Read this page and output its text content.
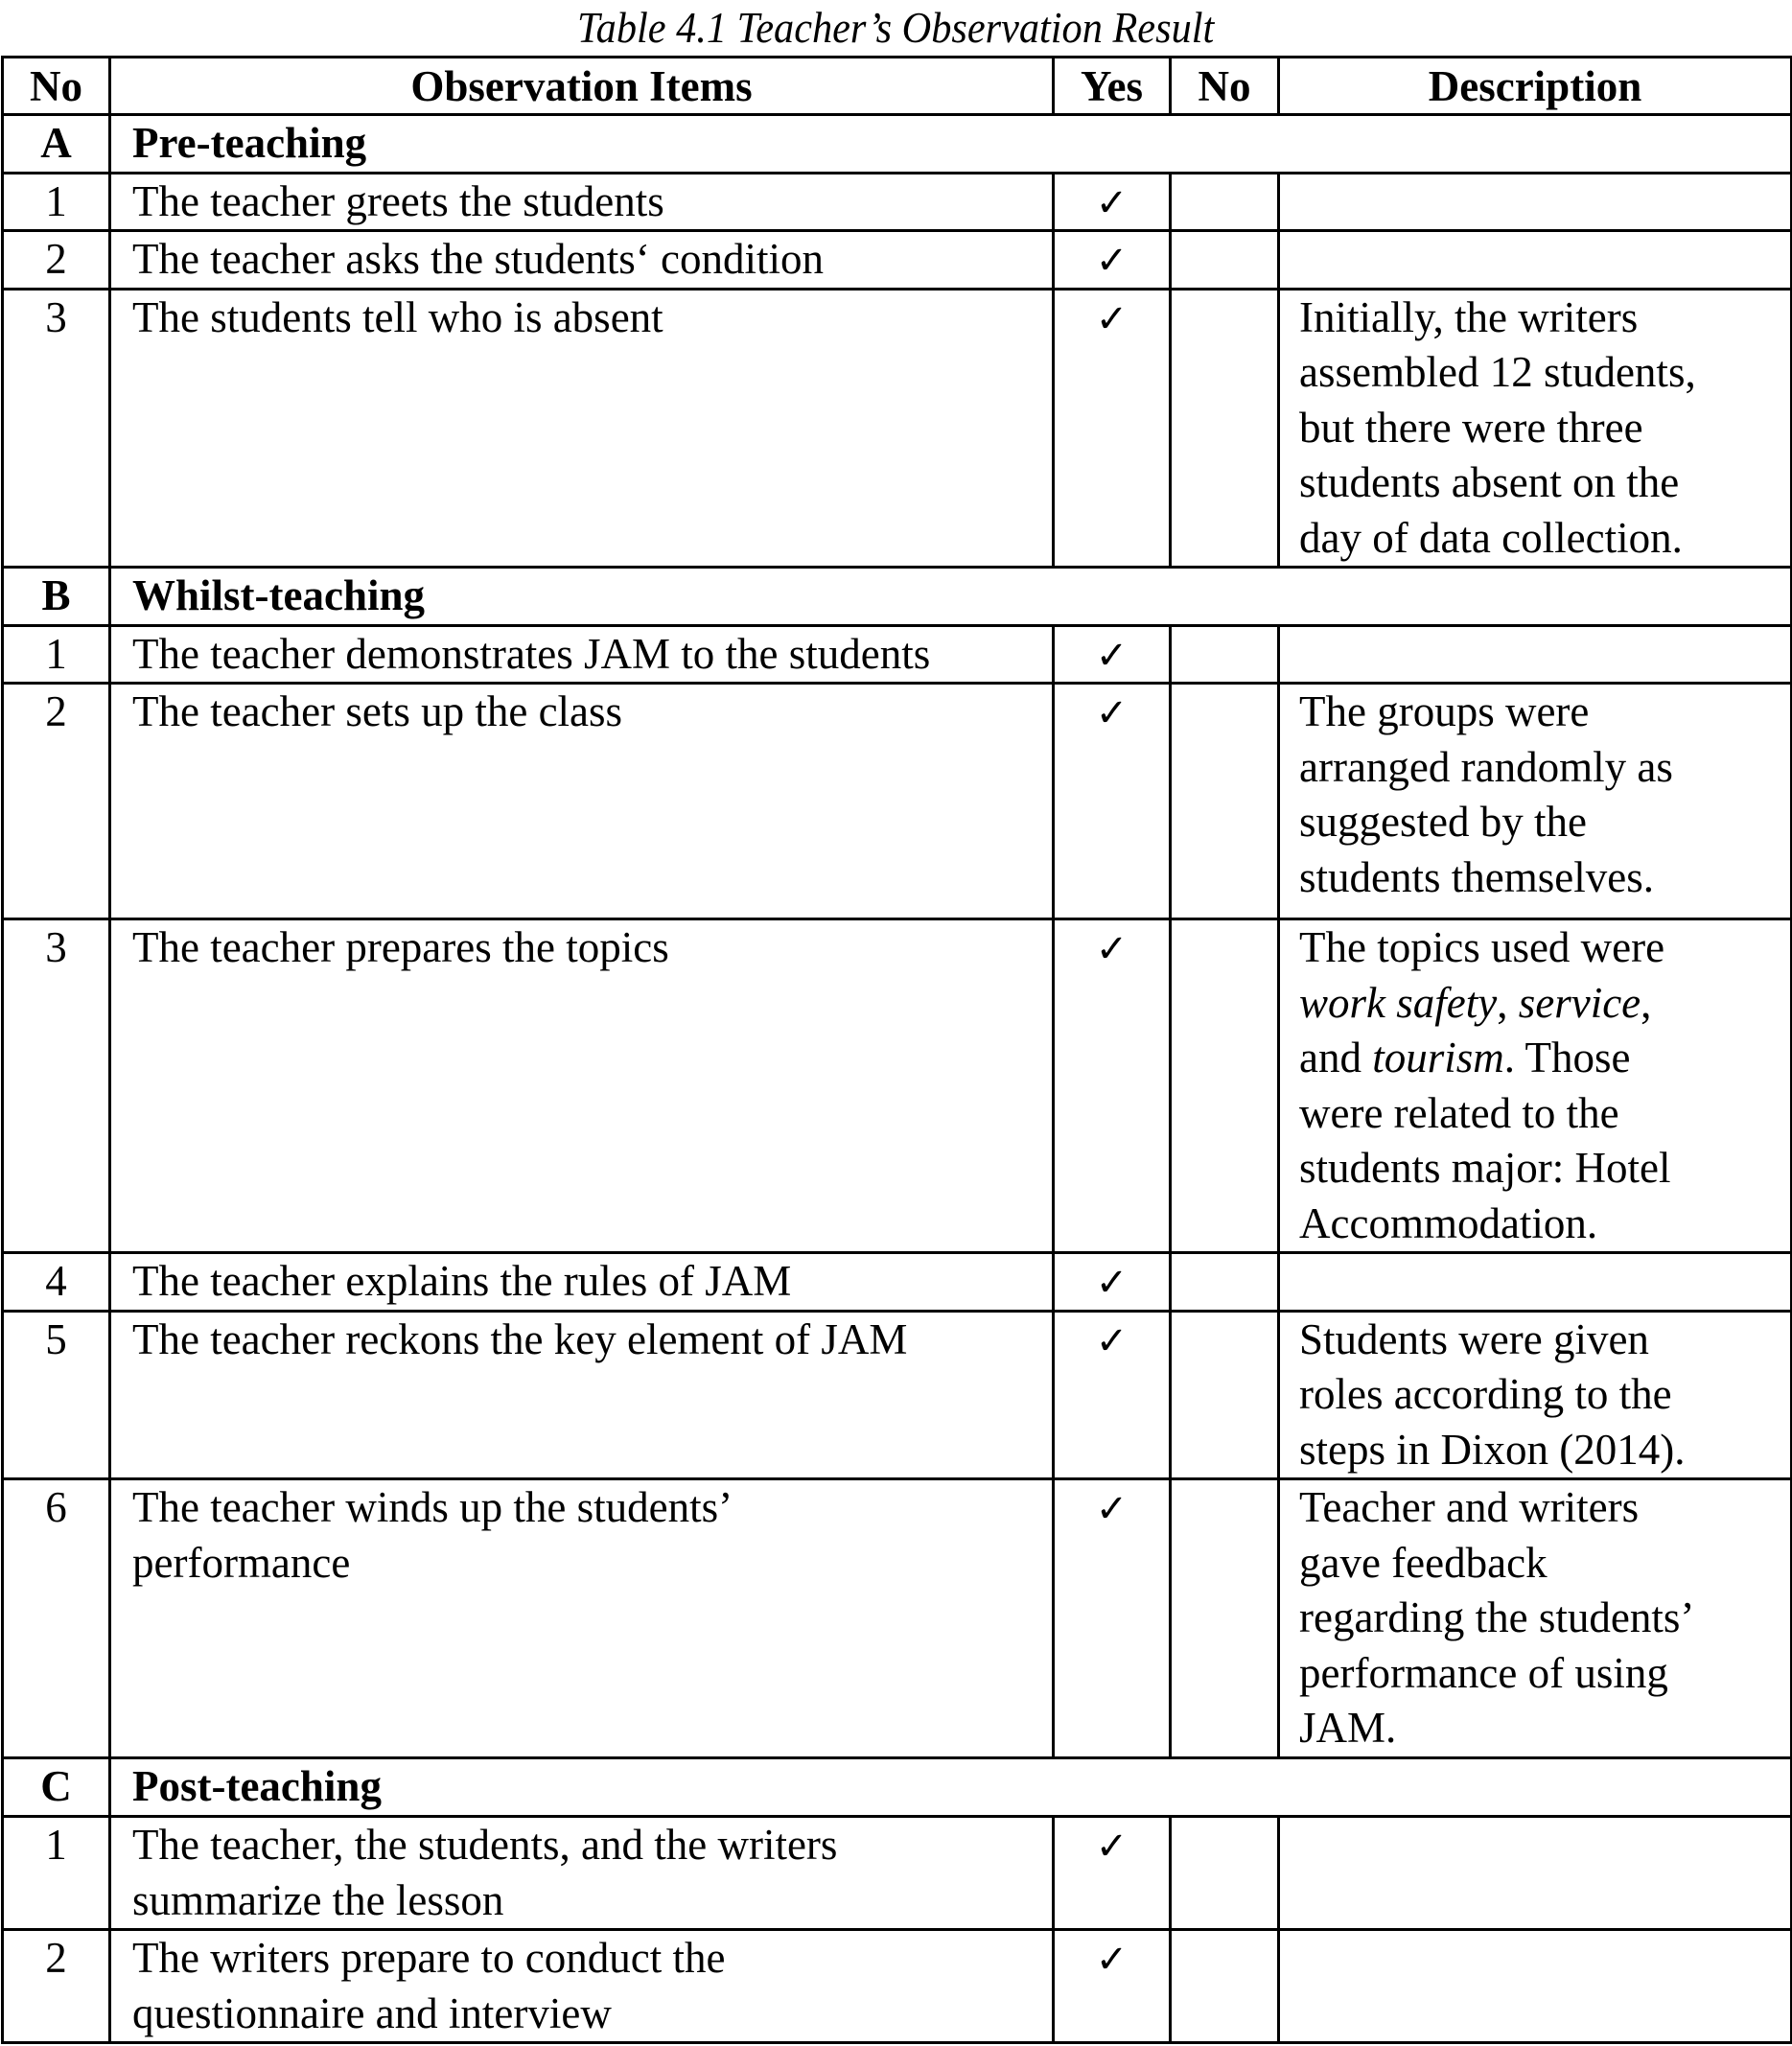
Table 4.1 Teacher’s Observation Result
No	Observation Items	Yes	No	Description
A	Pre-teaching			
1	The teacher greets the students	✓		
2	The teacher asks the students‘ condition	✓		
3	The students tell who is absent	✓		Initially, the writers
assembled 12 students,
but there were three
students absent on the
day of data collection.

B	Whilst-teaching			
1	The teacher demonstrates JAM to the students	✓		
2	The teacher sets up the class	✓		The groups were
arranged randomly as
suggested by the
students themselves.

3	The teacher prepares the topics	✓		The topics used were
work safety, service,
and tourism. Those
were related to the
students major: Hotel
Accommodation.

4	The teacher explains the rules of JAM	✓		
5	The teacher reckons the key element of JAM	✓		Students were given
roles according to the
steps in Dixon (2014).

6	The teacher winds up the students’
performance	✓		Teacher and writers
gave feedback
regarding the students’
performance of using
JAM.

C	Post-teaching			
1	The teacher, the students, and the writers
summarize the lesson	✓		
2	The writers prepare to conduct the
questionnaire and interview	✓		
